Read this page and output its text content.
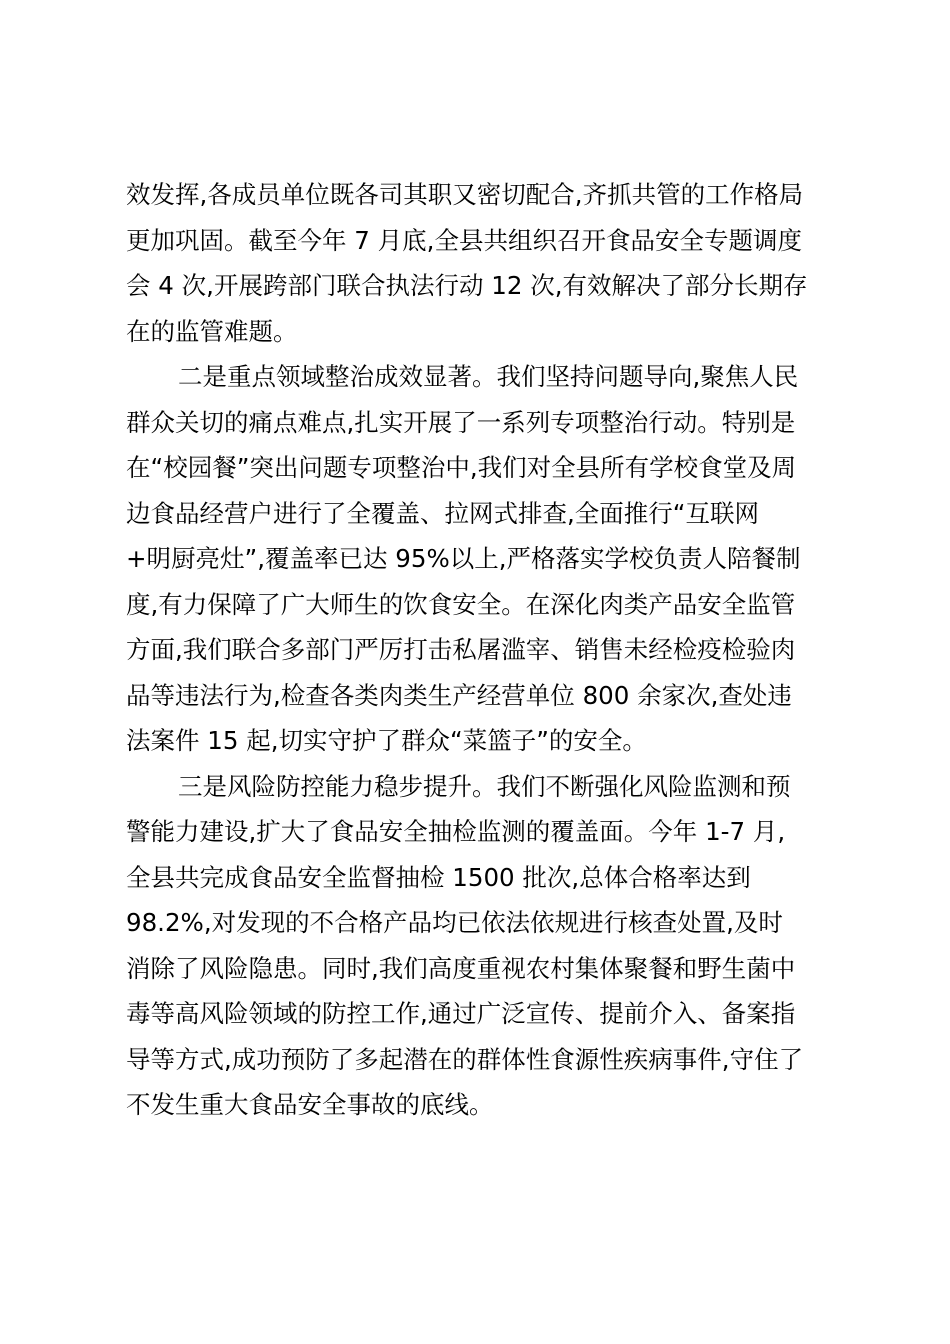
效发挥,各成员单位既各司其职又密切配合,齐抓共管的工作格局
更加巩固。截至今年 7 月底,全县共组织召开食品安全专题调度
会 4 次,开展跨部门联合执法行动 12 次,有效解决了部分长期存
在的监管难题。
二是重点领域整治成效显著。我们坚持问题导向,聚焦人民
群众关切的痛点难点,扎实开展了一系列专项整治行动。特别是
在“校园餐”突出问题专项整治中,我们对全县所有学校食堂及周
边食品经营户进行了全覆盖、拉网式排查,全面推行“互联网
+明厨亮灶”,覆盖率已达 95%以上,严格落实学校负责人陪餐制
度,有力保障了广大师生的饮食安全。在深化肉类产品安全监管
方面,我们联合多部门严厉打击私屠滥宰、销售未经检疫检验肉
品等违法行为,检查各类肉类生产经营单位 800 余家次,查处违
法案件 15 起,切实守护了群众“菜篮子”的安全。
三是风险防控能力稳步提升。我们不断强化风险监测和预
警能力建设,扩大了食品安全抽检监测的覆盖面。今年 1-7 月,
全县共完成食品安全监督抽检 1500 批次,总体合格率达到
98.2%,对发现的不合格产品均已依法依规进行核查处置,及时
消除了风险隐患。同时,我们高度重视农村集体聚餐和野生菌中
毒等高风险领域的防控工作,通过广泛宣传、提前介入、备案指
导等方式,成功预防了多起潜在的群体性食源性疾病事件,守住了
不发生重大食品安全事故的底线。
